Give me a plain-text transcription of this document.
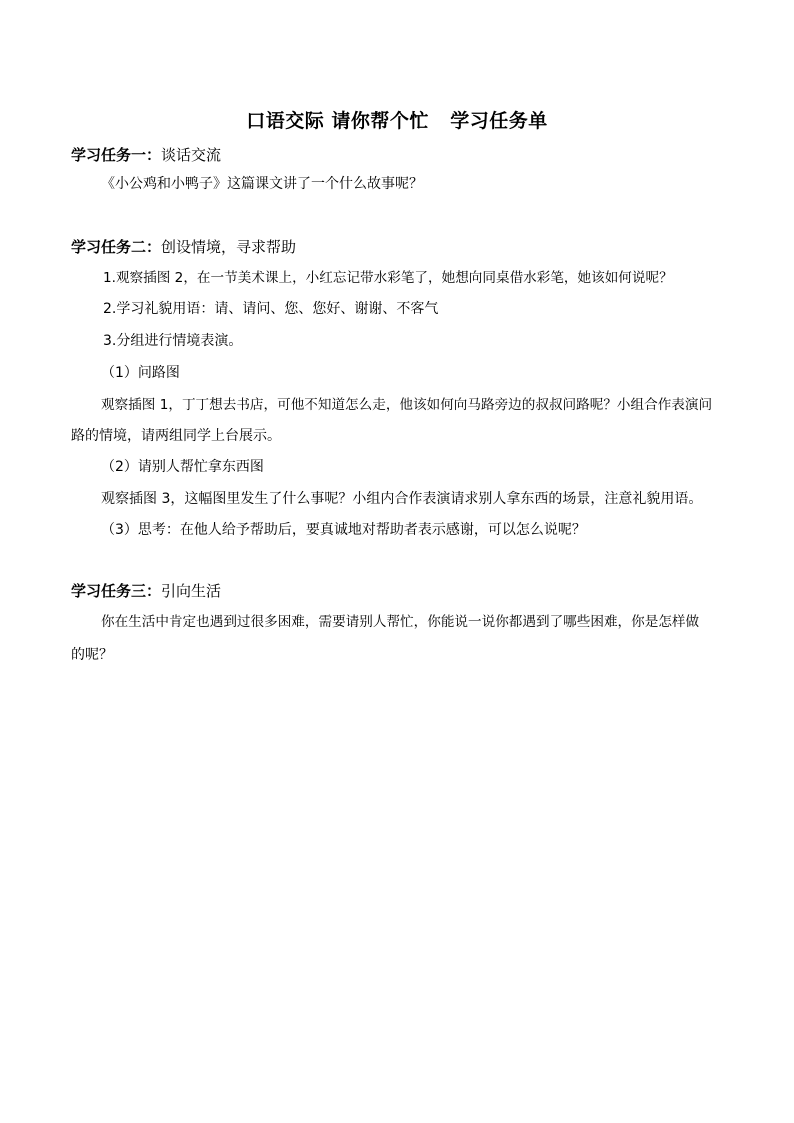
口语交际 请你帮个忙   学习任务单
学习任务一：谈话交流
《小公鸡和小鸭子》这篇课文讲了一个什么故事呢？
学习任务二：创设情境，寻求帮助
1.观察插图 2，在一节美术课上，小红忘记带水彩笔了，她想向同桌借水彩笔，她该如何说呢？
2.学习礼貌用语：请、请问、您、您好、谢谢、不客气
3.分组进行情境表演。
（1）问路图
观察插图 1，丁丁想去书店，可他不知道怎么走，他该如何向马路旁边的叔叔问路呢？小组合作表演问
路的情境，请两组同学上台展示。
（2）请别人帮忙拿东西图
观察插图 3，这幅图里发生了什么事呢？小组内合作表演请求别人拿东西的场景，注意礼貌用语。
（3）思考：在他人给予帮助后，要真诚地对帮助者表示感谢，可以怎么说呢？
学习任务三：引向生活
你在生活中肯定也遇到过很多困难，需要请别人帮忙，你能说一说你都遇到了哪些困难，你是怎样做
的呢？
